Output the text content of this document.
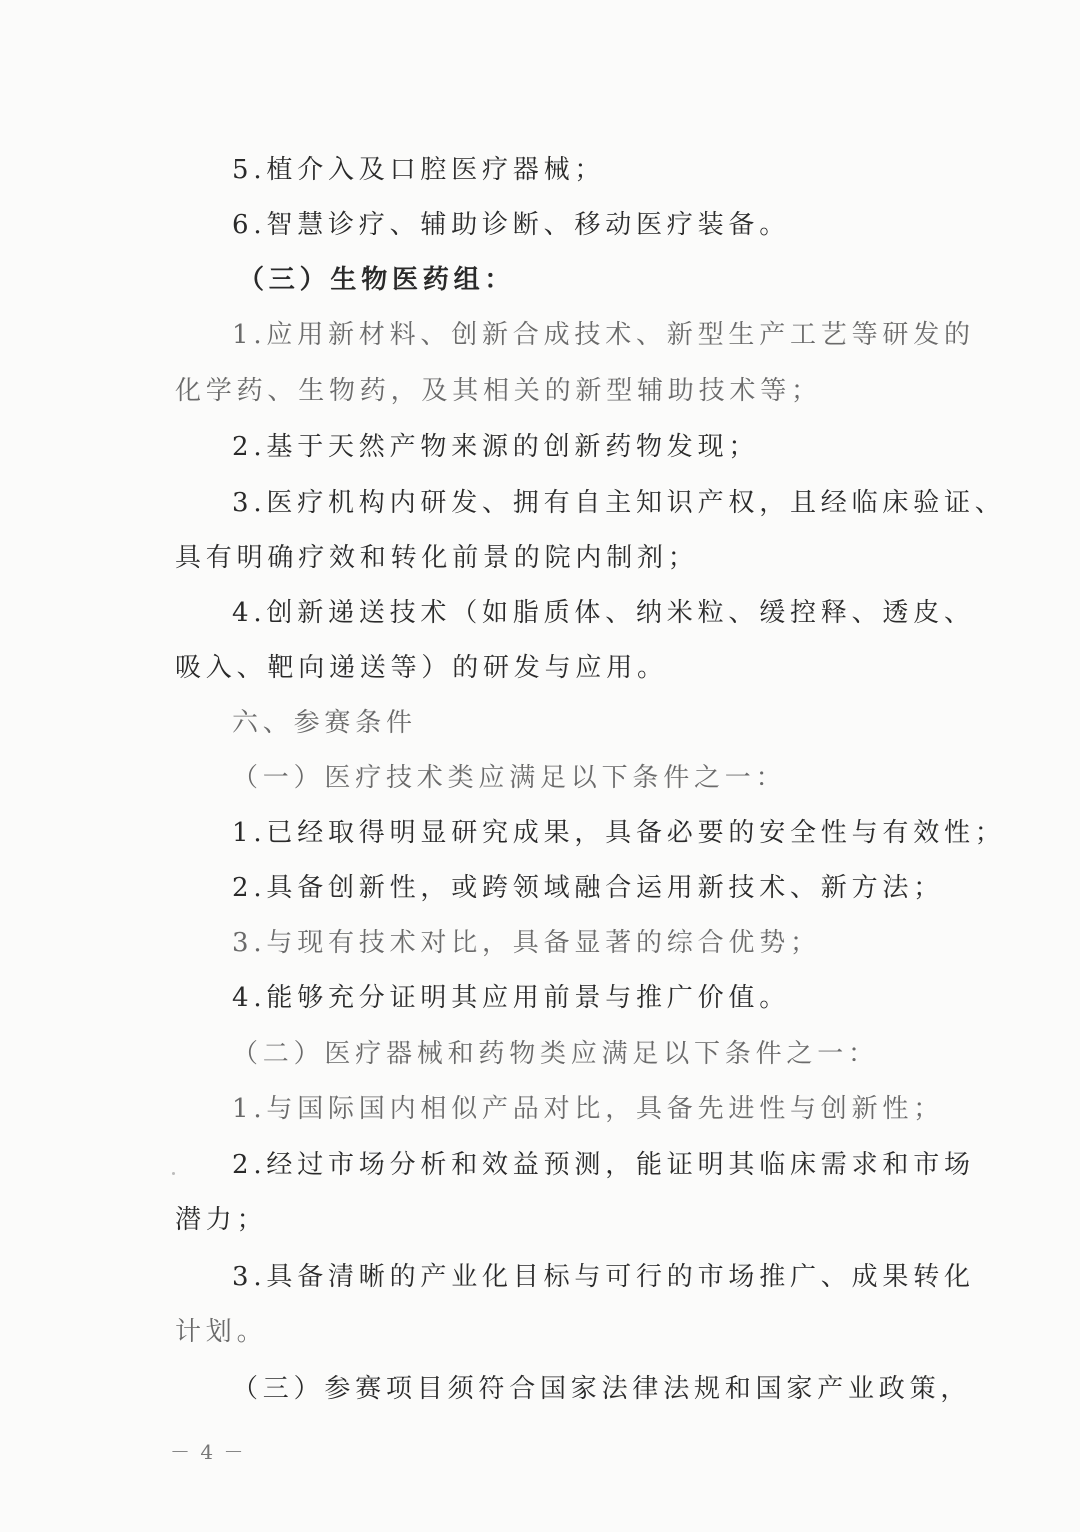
5.植介入及口腔医疗器械；
6.智慧诊疗、辅助诊断、移动医疗装备。
（三）生物医药组：
1.应用新材料、创新合成技术、新型生产工艺等研发的
化学药、生物药，及其相关的新型辅助技术等；
2.基于天然产物来源的创新药物发现；
3.医疗机构内研发、拥有自主知识产权，且经临床验证、
具有明确疗效和转化前景的院内制剂；
4.创新递送技术（如脂质体、纳米粒、缓控释、透皮、
吸入、靶向递送等）的研发与应用。
六、参赛条件
（一）医疗技术类应满足以下条件之一：
1.已经取得明显研究成果，具备必要的安全性与有效性；
2.具备创新性，或跨领域融合运用新技术、新方法；
3.与现有技术对比，具备显著的综合优势；
4.能够充分证明其应用前景与推广价值。
（二）医疗器械和药物类应满足以下条件之一：
1.与国际国内相似产品对比，具备先进性与创新性；
2.经过市场分析和效益预测，能证明其临床需求和市场
潜力；
3.具备清晰的产业化目标与可行的市场推广、成果转化
计划。
（三）参赛项目须符合国家法律法规和国家产业政策，
－ 4 －
